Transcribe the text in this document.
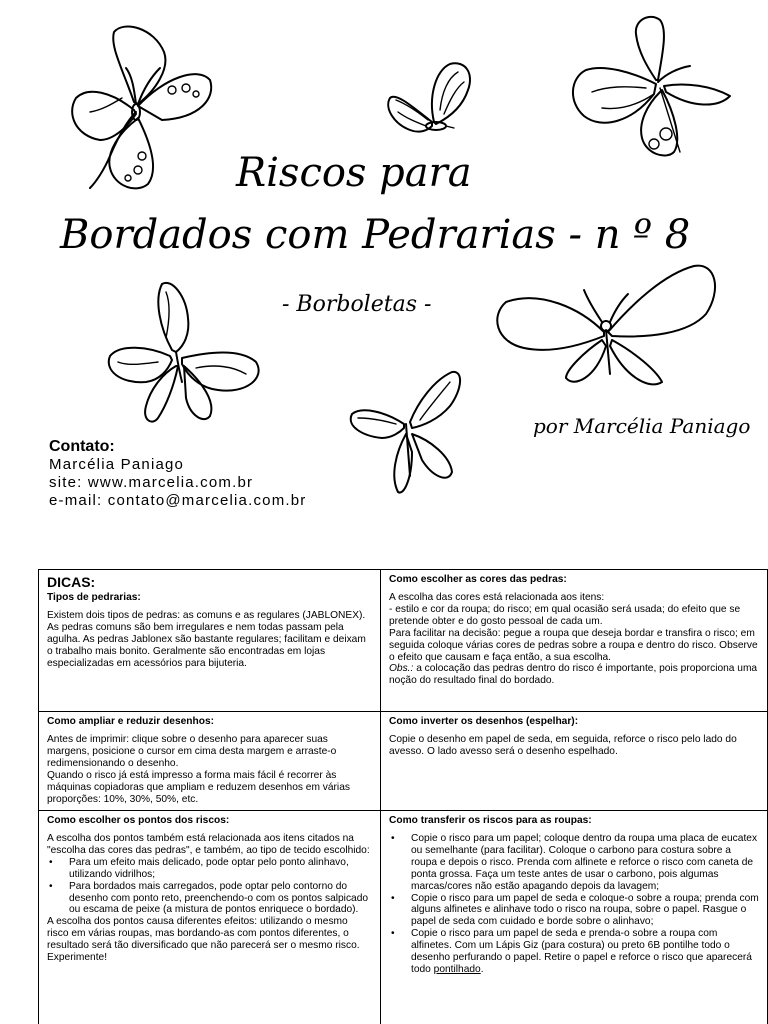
Riscos para
Bordados com Pedrarias - n º 8
- Borboletas -
por Marcélia Paniago
Contato:
Marcélia Paniago
site: www.marcelia.com.br
e-mail: contato@marcelia.com.br
DICAS:
Tipos de pedrarias:

Existem dois tipos de pedras: as comuns e as regulares (JABLONEX).

As pedras comuns são bem irregulares e nem todas passam pela agulha. As pedras Jablonex são bastante regulares; facilitam e deixam o trabalho mais bonito. Geralmente são encontradas em lojas especializadas em acessórios para bijuteria.

Como escolher as cores das pedras:

A escolha das cores está relacionada aos itens:

- estilo e cor da roupa; do risco; em qual ocasião será usada; do efeito que se pretende obter e do gosto pessoal de cada um.

Para facilitar na decisão: pegue a roupa que deseja bordar e transfira o risco; em seguida coloque várias cores de pedras sobre a roupa e dentro do risco. Observe o efeito que causam e faça então, a sua escolha.

Obs.: a colocação das pedras dentro do risco é importante, pois proporciona uma noção do resultado final do bordado.

Como ampliar e reduzir desenhos:

Antes de imprimir: clique sobre o desenho para aparecer suas margens, posicione o cursor em cima desta margem e arraste-o redimensionando o desenho.

Quando o risco já está impresso a forma mais fácil é recorrer às máquinas copiadoras que ampliam e reduzem desenhos em várias proporções: 10%, 30%, 50%, etc.

Como inverter os desenhos (espelhar):

Copie o desenho em papel de seda, em seguida, reforce o risco pelo lado do avesso. O lado avesso será o desenho espelhado.

Como escolher os pontos dos riscos:

A escolha dos pontos também está relacionada aos itens citados na "escolha das cores das pedras", e também, ao tipo de tecido escolhido:

•	Para um efeito mais delicado, pode optar pelo ponto alinhavo, utilizando vidrilhos;
•	Para bordados mais carregados, pode optar pelo contorno do desenho com ponto reto, preenchendo-o com os pontos salpicado ou escama de peixe (a mistura de pontos enriquece o bordado).

A escolha dos pontos causa diferentes efeitos: utilizando o mesmo risco em várias roupas, mas bordando-as com pontos diferentes, o resultado será tão diversificado que não parecerá ser o mesmo risco. Experimente!

Como transferir os riscos para as roupas:
•	Copie o risco para um papel; coloque dentro da roupa uma placa de eucatex ou semelhante (para facilitar). Coloque o carbono para costura sobre a roupa e depois o risco. Prenda com alfinete e reforce o risco com caneta de ponta grossa. Faça um teste antes de usar o carbono, pois algumas marcas/cores não estão apagando depois da lavagem;
•	Copie o risco para um papel de seda e coloque-o sobre a roupa; prenda com alguns alfinetes e alinhave todo o risco na roupa, sobre o papel. Rasgue o papel de seda com cuidado e borde sobre o alinhavo;
•	Copie o risco para um papel de seda e prenda-o sobre a roupa com alfinetes. Com um Lápis Giz (para costura) ou preto 6B pontilhe todo o desenho perfurando o papel. Retire o papel e reforce o risco que aparecerá todo pontilhado.
